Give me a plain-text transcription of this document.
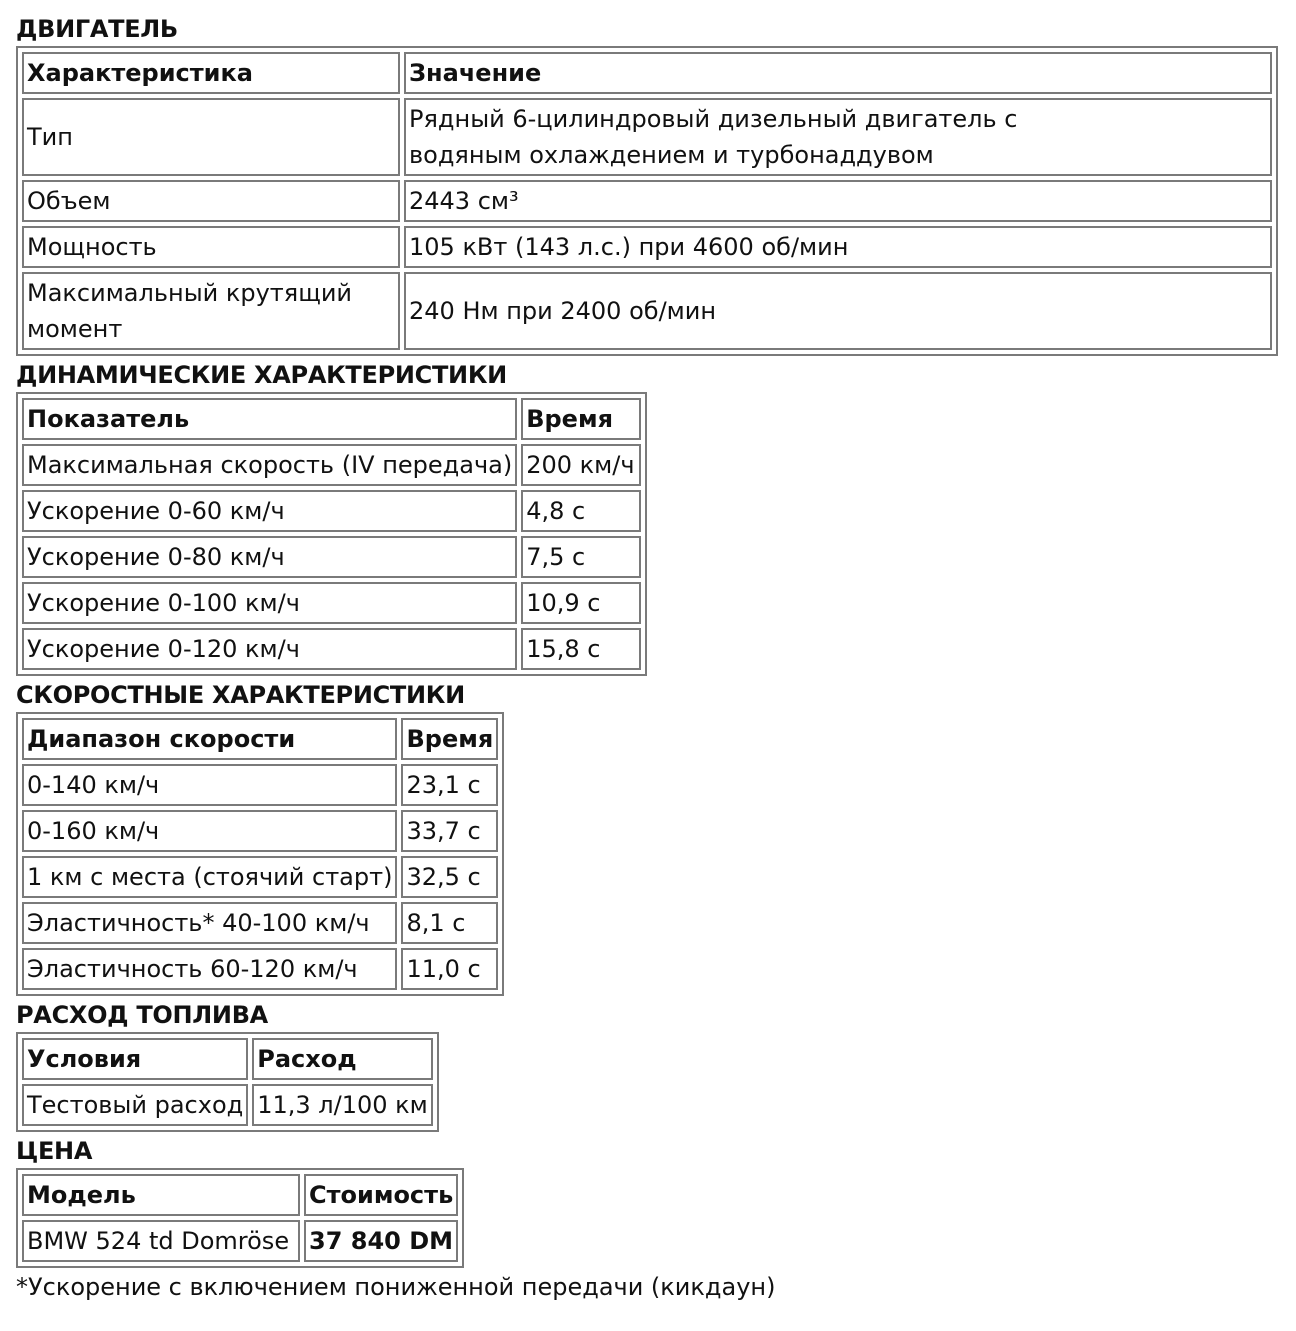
ДВИГАТЕЛЬ
Характеристика	Значение
Тип	Рядный 6-цилиндровый дизельный двигатель с водяным охлаждением и турбонаддувом
Объем	2443 см³
Мощность	105 кВт (143 л.с.) при 4600 об/мин
Максимальный крутящий момент	240 Нм при 2400 об/мин
ДИНАМИЧЕСКИЕ ХАРАКТЕРИСТИКИ
Показатель	Время
Максимальная скорость (IV передача)	200 км/ч
Ускорение 0-60 км/ч	4,8 с
Ускорение 0-80 км/ч	7,5 с
Ускорение 0-100 км/ч	10,9 с
Ускорение 0-120 км/ч	15,8 с
СКОРОСТНЫЕ ХАРАКТЕРИСТИКИ
Диапазон скорости	Время
0-140 км/ч	23,1 с
0-160 км/ч	33,7 с
1 км с места (стоячий старт)	32,5 с
Эластичность* 40-100 км/ч	8,1 с
Эластичность 60-120 км/ч	11,0 с
РАСХОД ТОПЛИВА
Условия	Расход
Тестовый расход	11,3 л/100 км
ЦЕНА
Модель	Стоимость
BMW 524 td Domröse	37 840 DM
*Ускорение с включением пониженной передачи (кикдаун)
